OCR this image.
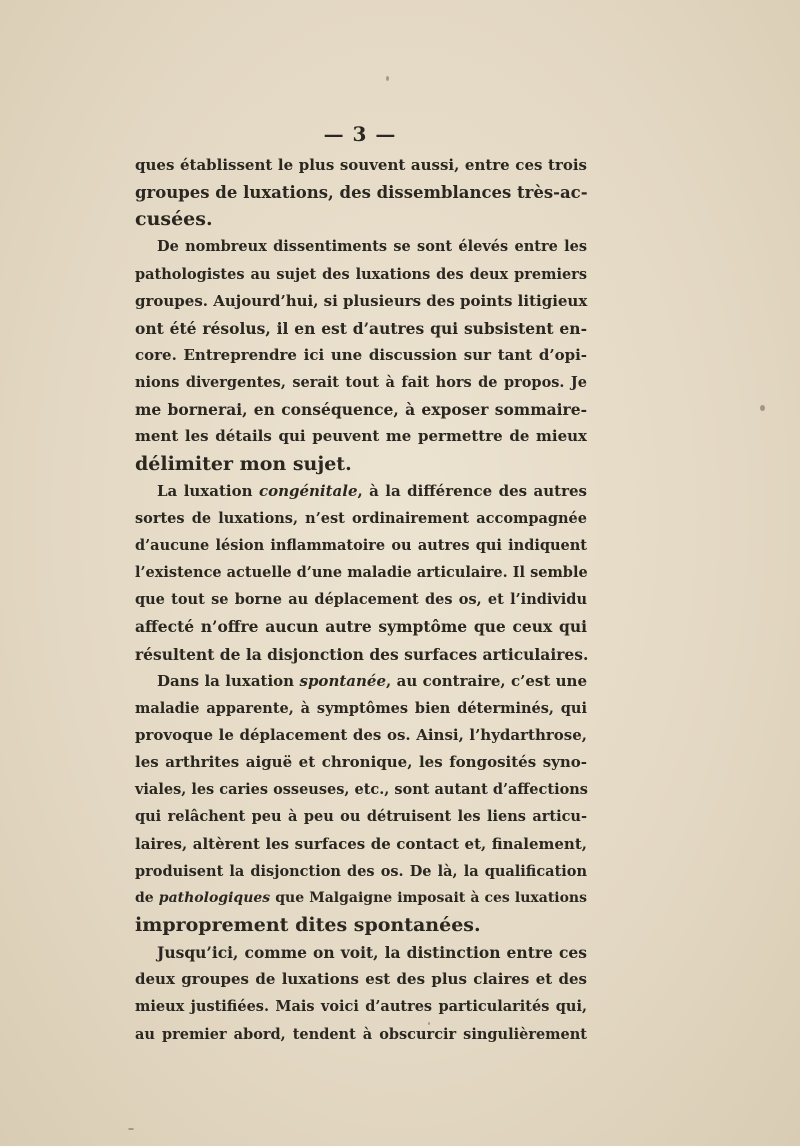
— 3 —
ques établissent le plus souvent aussi, entre ces trois
groupes de luxations, des dissemblances très-ac-
cusées.
De nombreux dissentiments se sont élevés entre les
pathologistes au sujet des luxations des deux premiers
groupes. Aujourd’hui, si plusieurs des points litigieux
ont été résolus, il en est d’autres qui subsistent en-
core. Entreprendre ici une discussion sur tant d’opi-
nions divergentes, serait tout à fait hors de propos. Je
me bornerai, en conséquence, à exposer sommaire-
ment les détails qui peuvent me permettre de mieux
délimiter mon sujet.
La luxation congénitale, à la différence des autres
sortes de luxations, n’est ordinairement accompagnée
d’aucune lésion inflammatoire ou autres qui indiquent
l’existence actuelle d’une maladie articulaire. Il semble
que tout se borne au déplacement des os, et l’individu
affecté n’offre aucun autre symptôme que ceux qui
résultent de la disjonction des surfaces articulaires.
Dans la luxation spontanée, au contraire, c’est une
maladie apparente, à symptômes bien déterminés, qui
provoque le déplacement des os. Ainsi, l’hydarthrose,
les arthrites aiguë et chronique, les fongosités syno-
viales, les caries osseuses, etc., sont autant d’affections
qui relâchent peu à peu ou détruisent les liens articu-
laires, altèrent les surfaces de contact et, finalement,
produisent la disjonction des os. De là, la qualification
de pathologiques que Malgaigne imposait à ces luxations
improprement dites spontanées.
Jusqu’ici, comme on voit, la distinction entre ces
deux groupes de luxations est des plus claires et des
mieux justifiées. Mais voici d’autres particularités qui,
au premier abord, tendent à obscurcir singulièrement
